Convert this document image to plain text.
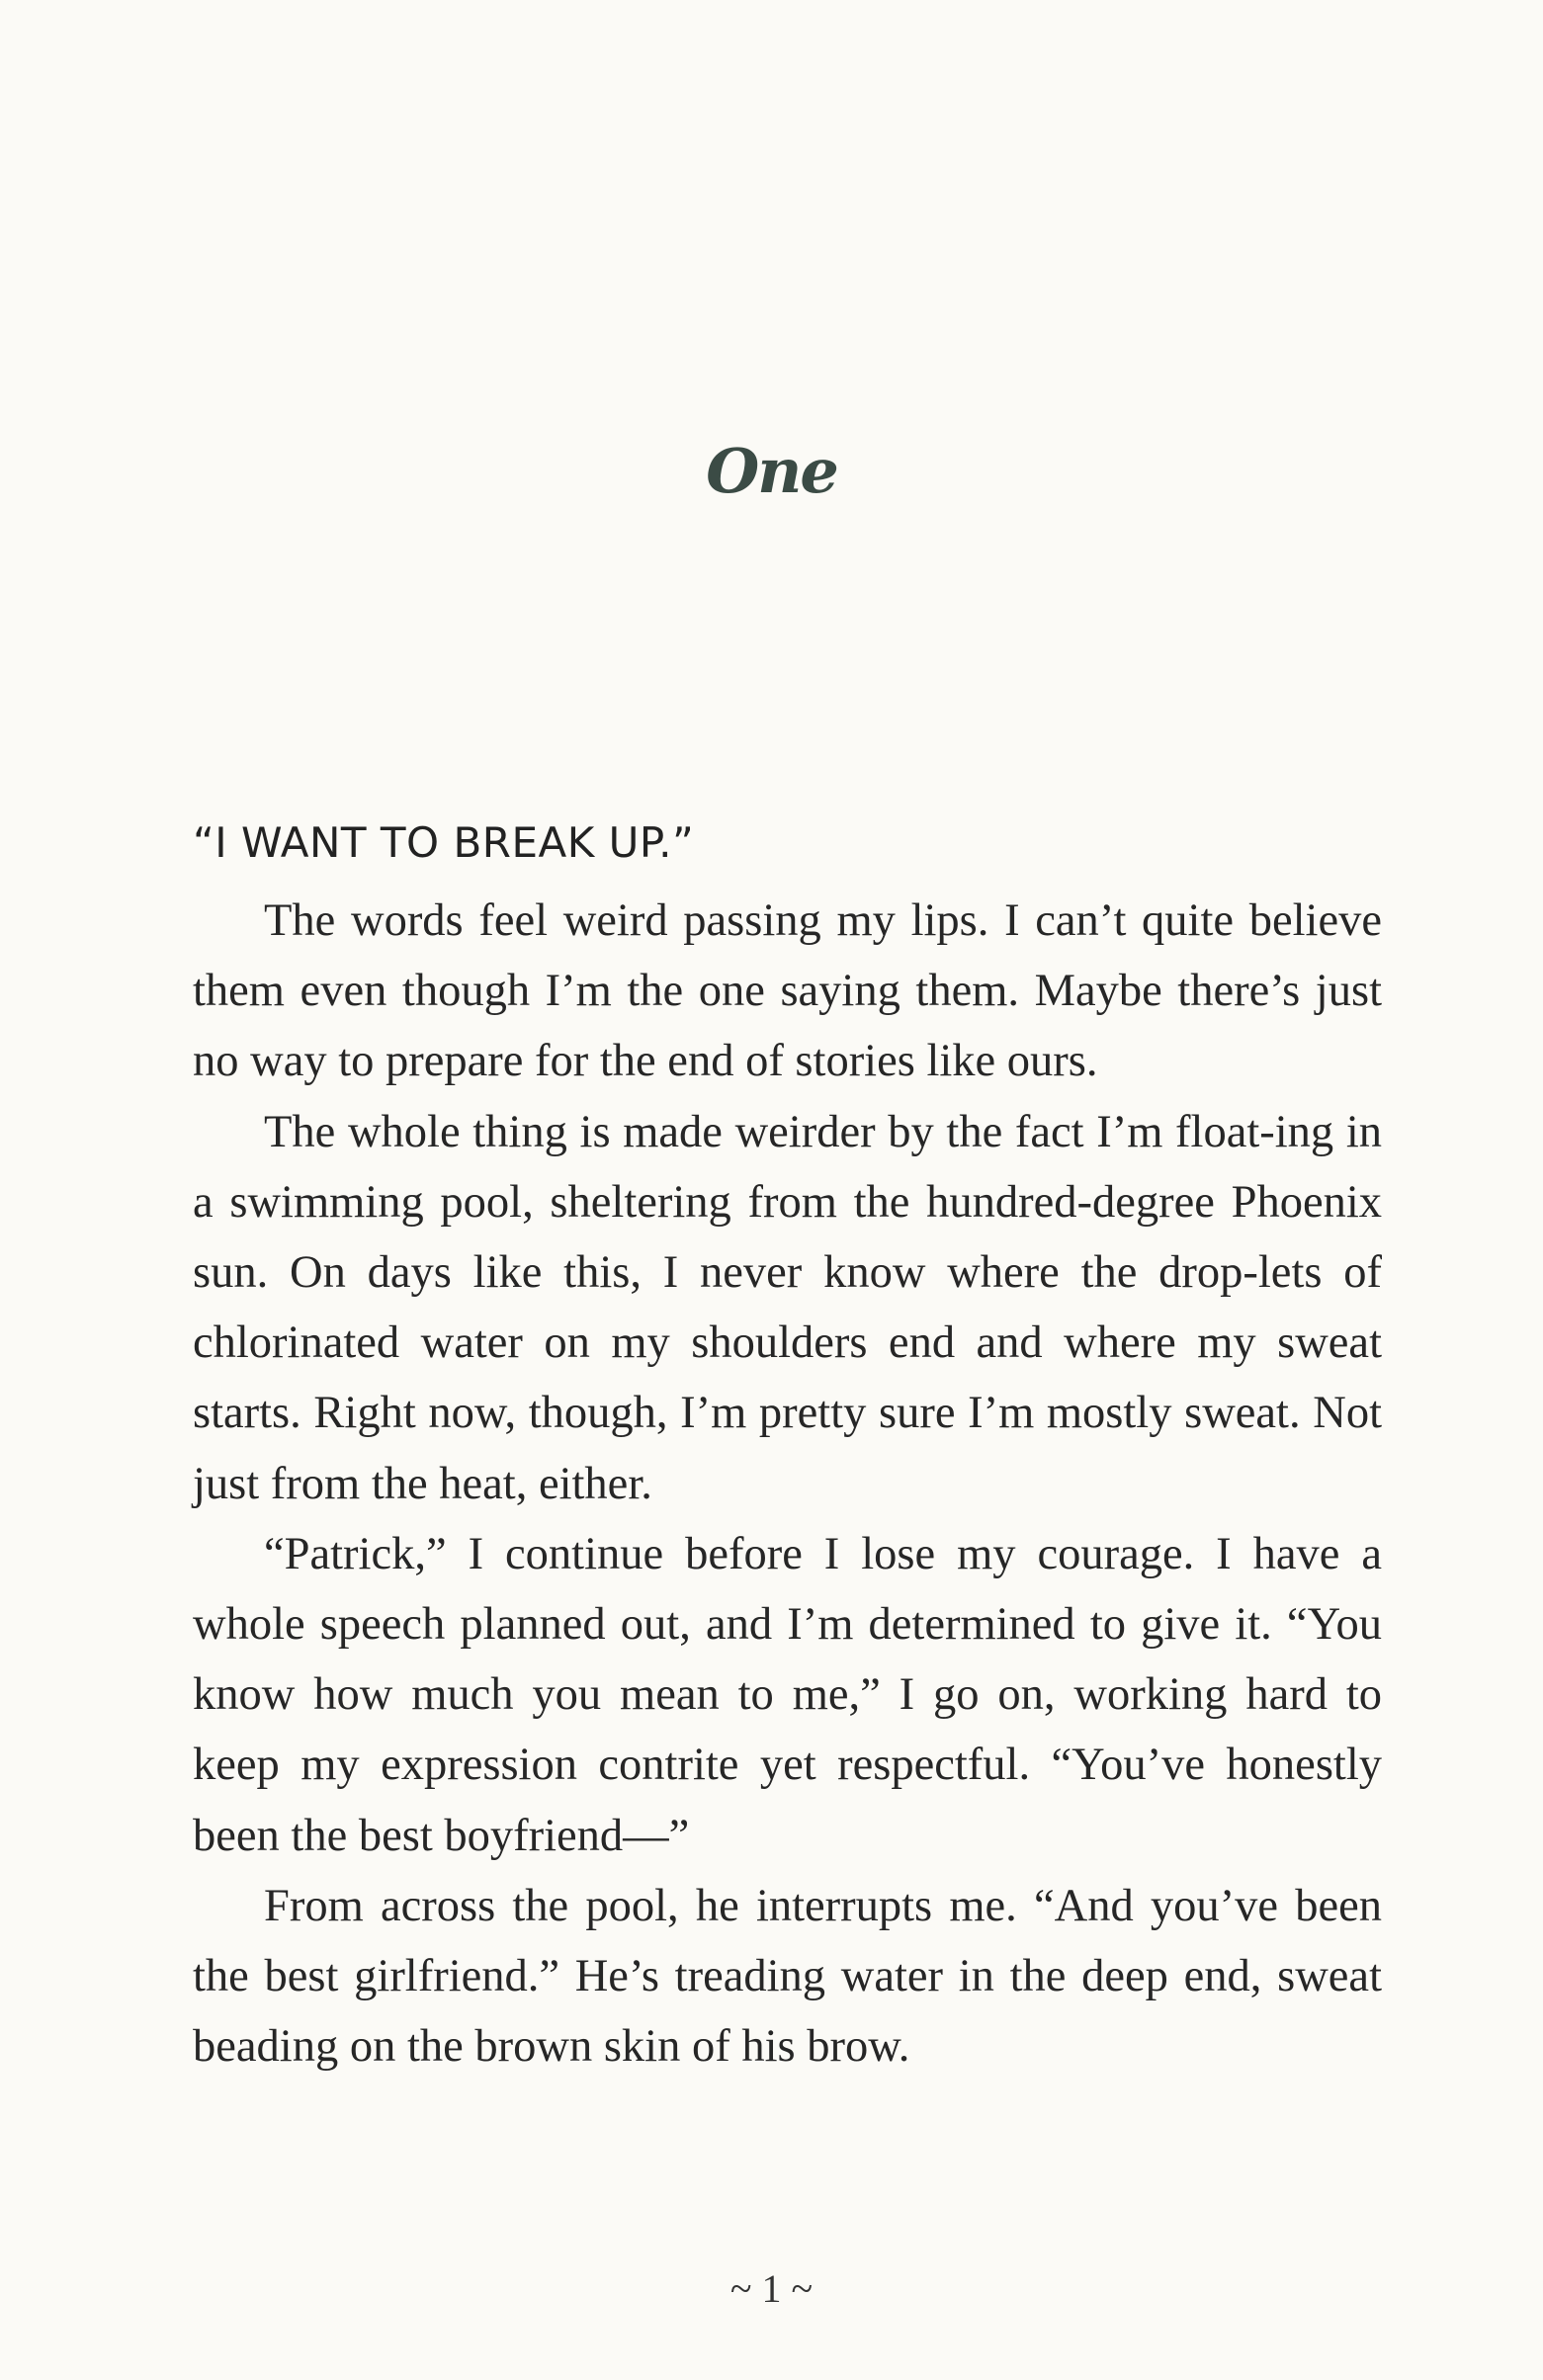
One

“I WANT TO BREAK UP.”

The words feel weird passing my lips. I can’t quite believe them even though I’m the one saying them. Maybe there’s just no way to prepare for the end of stories like ours.

The whole thing is made weirder by the fact I’m float-ing in a swimming pool, sheltering from the hundred-degree Phoenix sun. On days like this, I never know where the drop-lets of chlorinated water on my shoulders end and where my sweat starts. Right now, though, I’m pretty sure I’m mostly sweat. Not just from the heat, either.

“Patrick,” I continue before I lose my courage. I have a whole speech planned out, and I’m determined to give it. “You know how much you mean to me,” I go on, working hard to keep my expression contrite yet respectful. “You’ve honestly been the best boyfriend—”

From across the pool, he interrupts me. “And you’ve been the best girlfriend.” He’s treading water in the deep end, sweat beading on the brown skin of his brow.

~ 1 ~
